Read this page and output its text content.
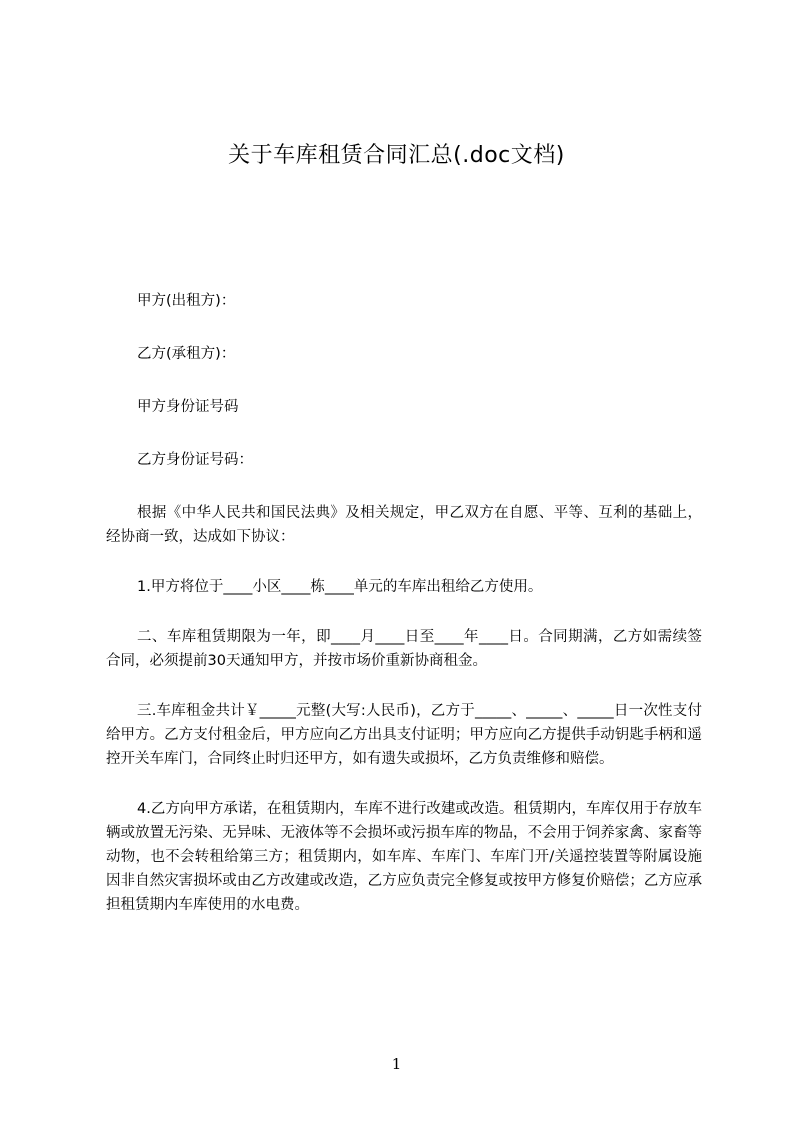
关于车库租赁合同汇总(.doc文档)

甲方(出租方)：

乙方(承租方)：

甲方身份证号码

乙方身份证号码：

根据《中华人民共和国民法典》及相关规定，甲乙双方在自愿、平等、互利的基础上，经协商一致，达成如下协议：

1.甲方将位于____小区____栋____单元的车库出租给乙方使用。

二、车库租赁期限为一年，即____月____日至____年____日。合同期满，乙方如需续签合同，必须提前30天通知甲方，并按市场价重新协商租金。

三.车库租金共计￥_____元整(大写:人民币)，乙方于_____、_____、_____日一次性支付给甲方。乙方支付租金后，甲方应向乙方出具支付证明；甲方应向乙方提供手动钥匙手柄和遥控开关车库门，合同终止时归还甲方，如有遗失或损坏，乙方负责维修和赔偿。

4.乙方向甲方承诺，在租赁期内，车库不进行改建或改造。租赁期内，车库仅用于存放车辆或放置无污染、无异味、无液体等不会损坏或污损车库的物品，不会用于饲养家禽、家畜等动物，也不会转租给第三方；租赁期内，如车库、车库门、车库门开/关遥控装置等附属设施因非自然灾害损坏或由乙方改建或改造，乙方应负责完全修复或按甲方修复价赔偿；乙方应承担租赁期内车库使用的水电费。

1
